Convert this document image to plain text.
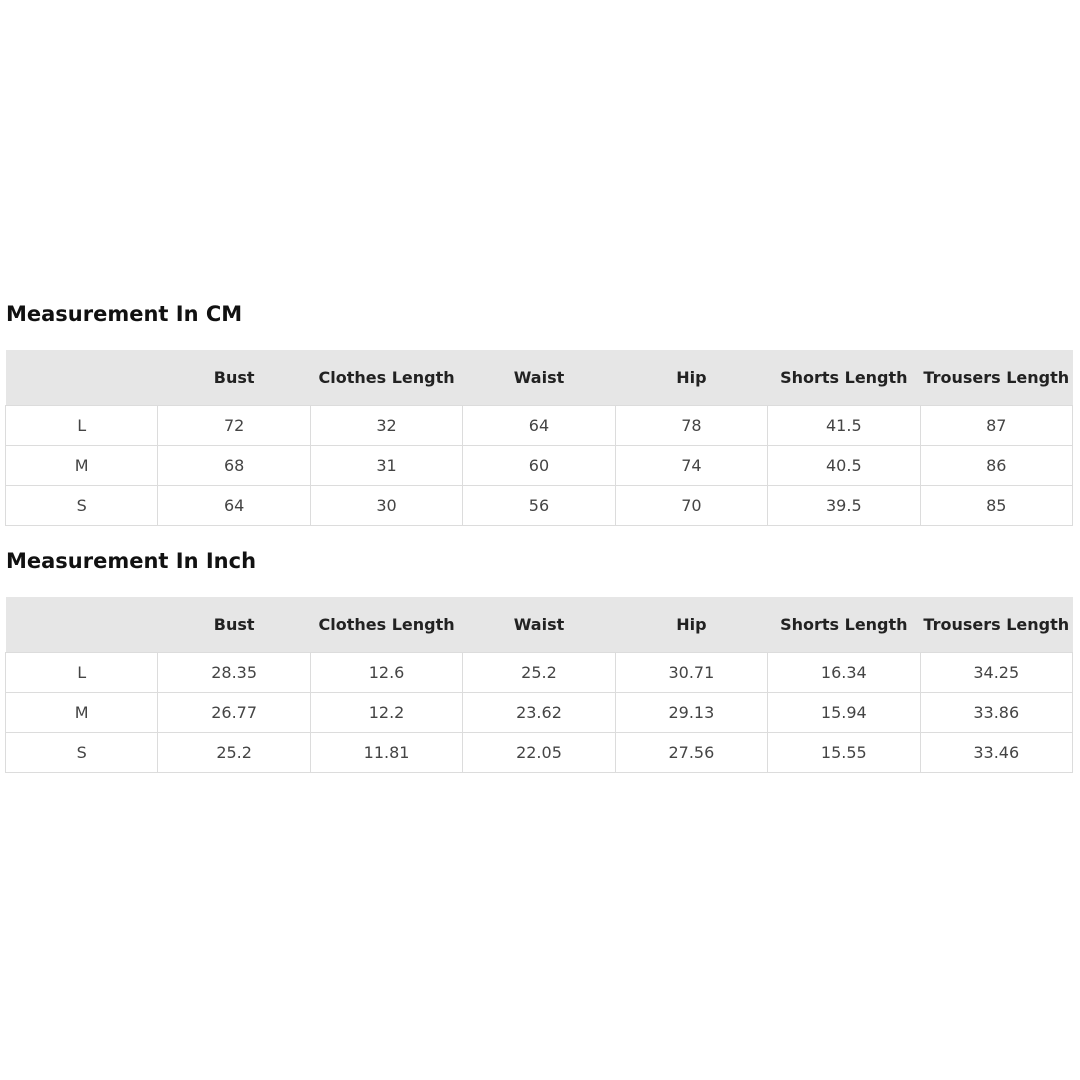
Measurement In CM
	Bust	Clothes Length	Waist	Hip	Shorts Length	Trousers Length
L	72	32	64	78	41.5	87
M	68	31	60	74	40.5	86
S	64	30	56	70	39.5	85
Measurement In Inch
	Bust	Clothes Length	Waist	Hip	Shorts Length	Trousers Length
L	28.35	12.6	25.2	30.71	16.34	34.25
M	26.77	12.2	23.62	29.13	15.94	33.86
S	25.2	11.81	22.05	27.56	15.55	33.46
